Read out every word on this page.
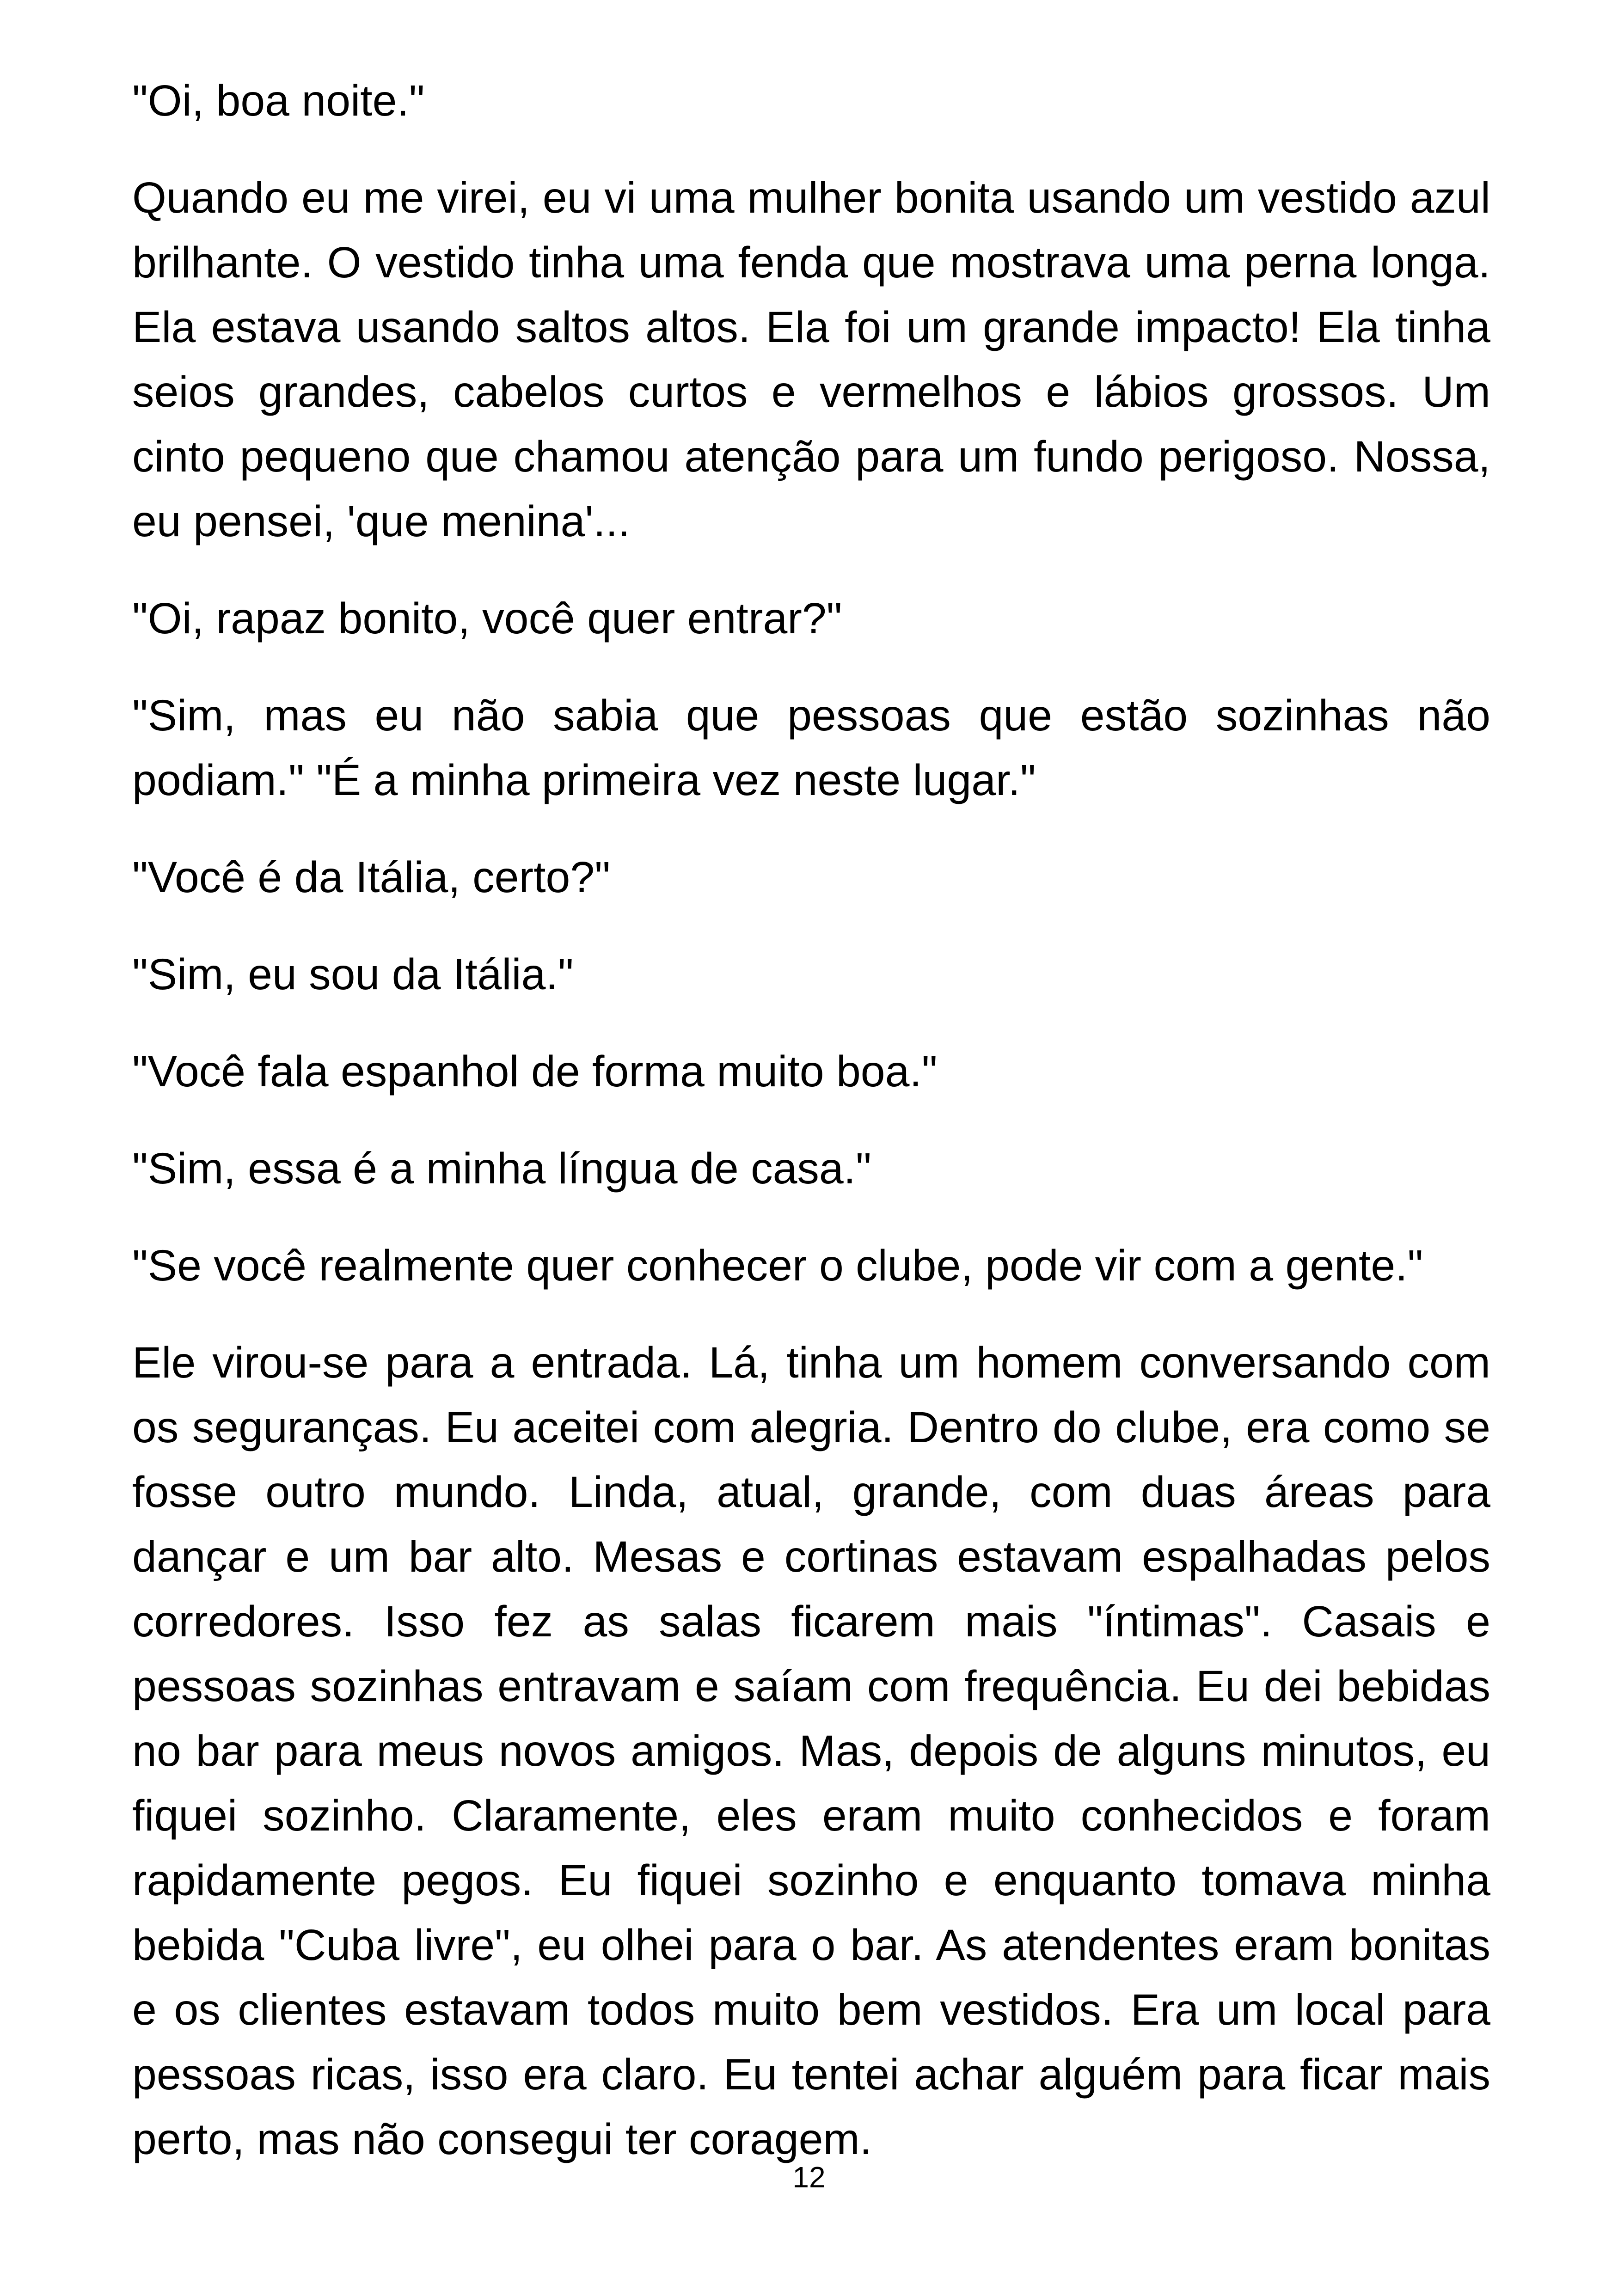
"Oi, boa noite."

Quando eu me virei, eu vi uma mulher bonita usando um vestido azul brilhante. O vestido tinha uma fenda que mostrava uma perna longa. Ela estava usando saltos altos. Ela foi um grande impacto! Ela tinha seios grandes, cabelos curtos e vermelhos e lábios grossos. Um cinto pequeno que chamou atenção para um fundo perigoso. Nossa, eu pensei, 'que menina'...

"Oi, rapaz bonito, você quer entrar?"

"Sim, mas eu não sabia que pessoas que estão sozinhas não podiam." "É a minha primeira vez neste lugar."

"Você é da Itália, certo?"

"Sim, eu sou da Itália."

"Você fala espanhol de forma muito boa."

"Sim, essa é a minha língua de casa."

"Se você realmente quer conhecer o clube, pode vir com a gente."

Ele virou-se para a entrada. Lá, tinha um homem conversando com os seguranças. Eu aceitei com alegria. Dentro do clube, era como se fosse outro mundo. Linda, atual, grande, com duas áreas para dançar e um bar alto. Mesas e cortinas estavam espalhadas pelos corredores. Isso fez as salas ficarem mais "íntimas". Casais e pessoas sozinhas entravam e saíam com frequência. Eu dei bebidas no bar para meus novos amigos. Mas, depois de alguns minutos, eu fiquei sozinho. Claramente, eles eram muito conhecidos e foram rapidamente pegos. Eu fiquei sozinho e enquanto tomava minha bebida "Cuba livre", eu olhei para o bar. As atendentes eram bonitas e os clientes estavam todos muito bem vestidos. Era um local para pessoas ricas, isso era claro. Eu tentei achar alguém para ficar mais perto, mas não consegui ter coragem.

12
